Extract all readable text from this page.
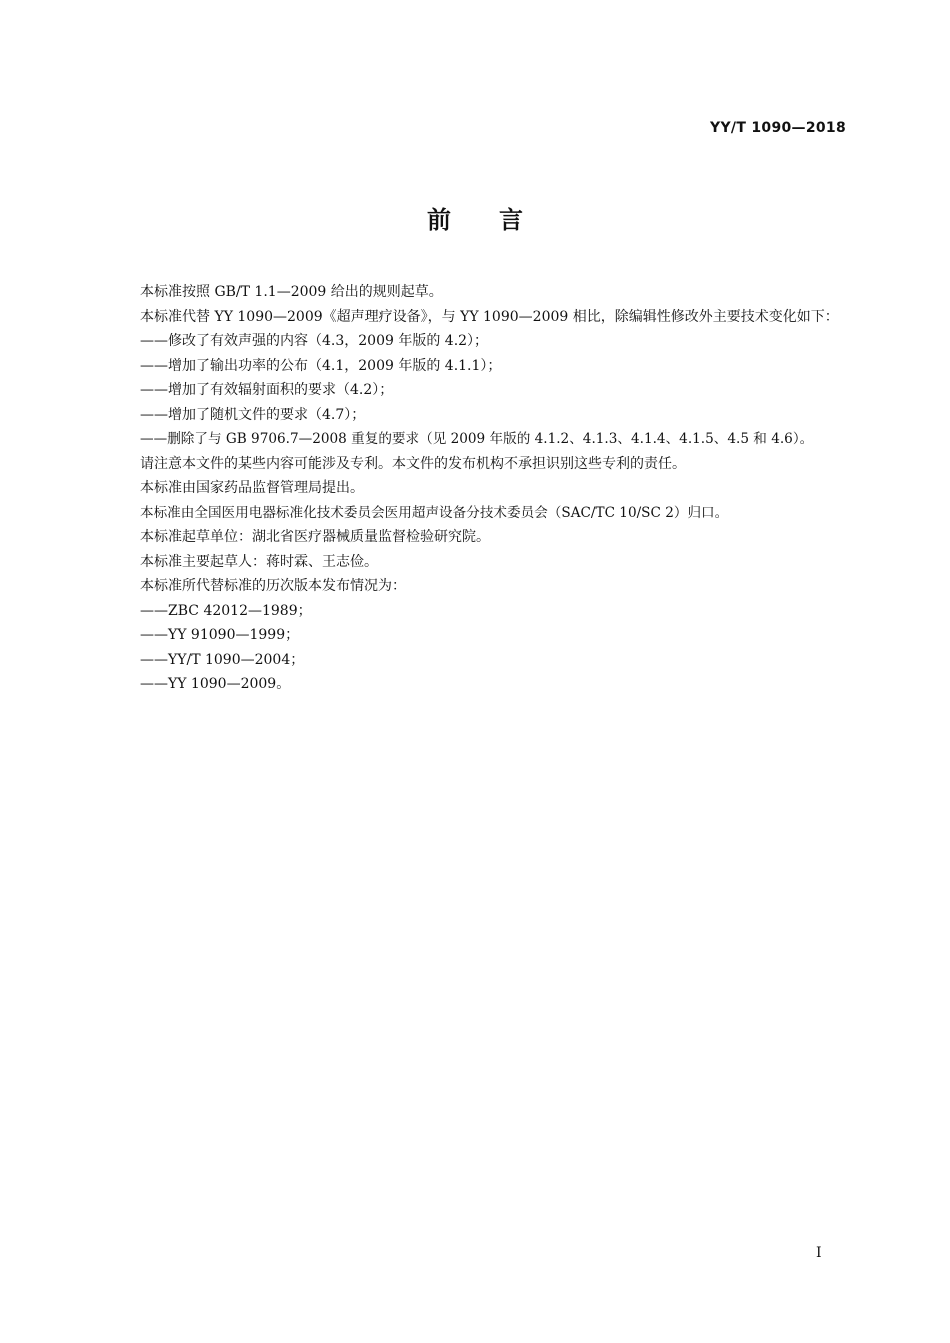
YY/T 1090—2018
前言

本标准按照 GB/T 1.1—2009 给出的规则起草。

本标准代替 YY 1090—2009《超声理疗设备》，与 YY 1090—2009 相比，除编辑性修改外主要技术变化如下：

——修改了有效声强的内容（4.3，2009 年版的 4.2）；

——增加了输出功率的公布（4.1，2009 年版的 4.1.1）；

——增加了有效辐射面积的要求（4.2）；

——增加了随机文件的要求（4.7）；

——删除了与 GB 9706.7—2008 重复的要求（见 2009 年版的 4.1.2、4.1.3、4.1.4、4.1.5、4.5 和 4.6）。

请注意本文件的某些内容可能涉及专利。本文件的发布机构不承担识别这些专利的责任。

本标准由国家药品监督管理局提出。

本标准由全国医用电器标准化技术委员会医用超声设备分技术委员会（SAC/TC 10/SC 2）归口。

本标准起草单位：湖北省医疗器械质量监督检验研究院。

本标准主要起草人：蒋时霖、王志俭。

本标准所代替标准的历次版本发布情况为：

——ZBC 42012—1989；

——YY 91090—1999；

——YY/T 1090—2004；

——YY 1090—2009。

I
